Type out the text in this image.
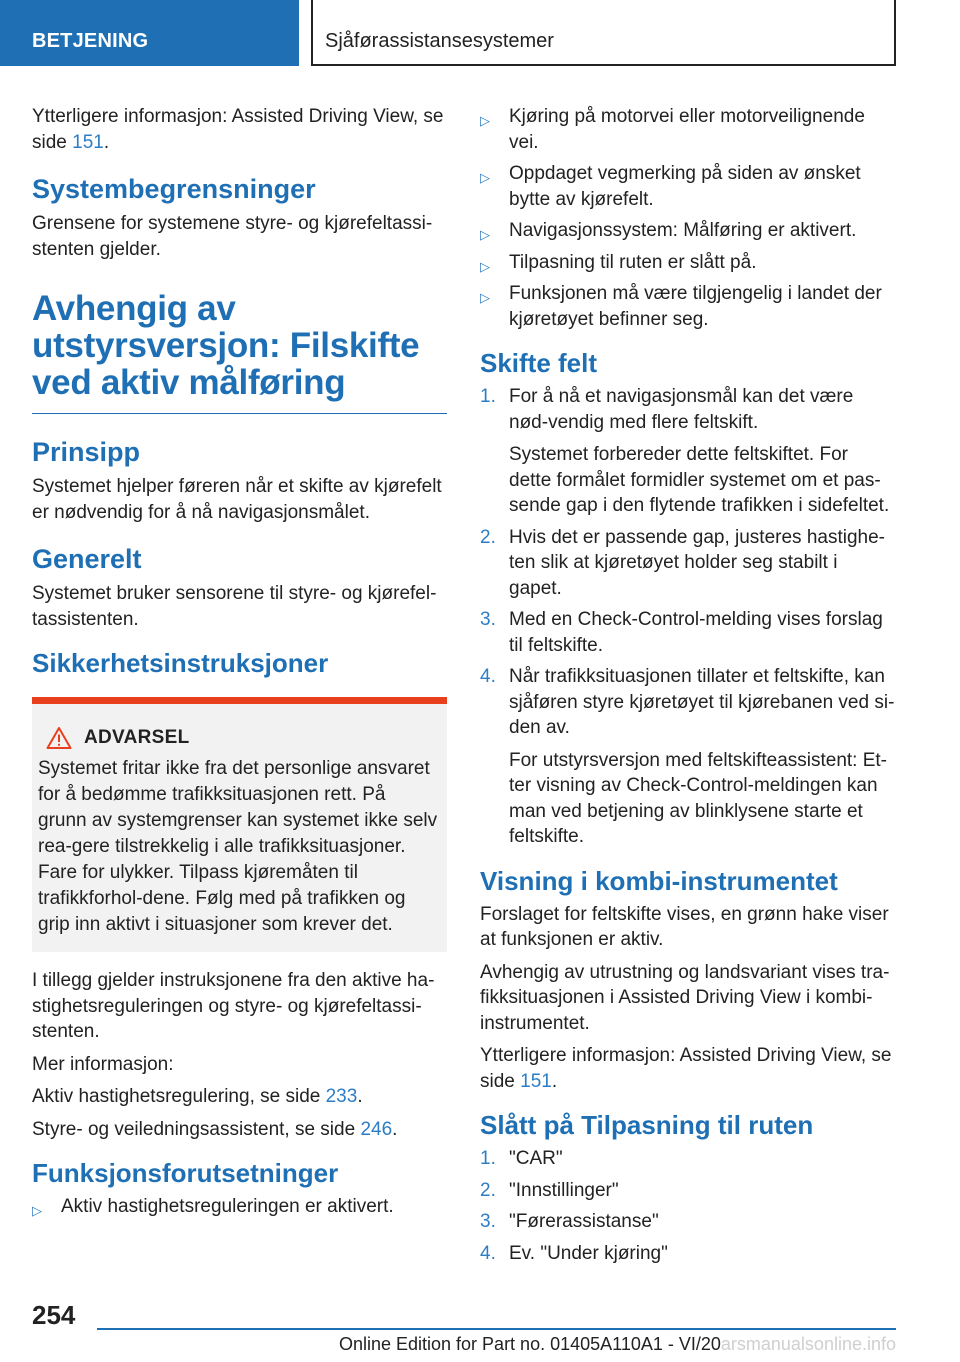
BETJENING	Sjåførassistansesystemer

Ytterligere informasjon: Assisted Driving View, se side 151.

Systembegrensninger

Grensene for systemene styre- og kjørefeltassi-stenten gjelder.

Avhengig av utstyrsversjon: Filskifte ved aktiv målføring
Prinsipp

Systemet hjelper føreren når et skifte av kjørefelt er nødvendig for å nå navigasjonsmålet.

Generelt

Systemet bruker sensorene til styre- og kjørefel-tassistenten.

Sikkerhetsinstruksjoner
ADVARSEL

Systemet fritar ikke fra det personlige ansvaret for å bedømme trafikksituasjonen rett. På grunn av systemgrenser kan systemet ikke selv rea-gere tilstrekkelig i alle trafikksituasjoner. Fare for ulykker. Tilpass kjøremåten til trafikkforhol-dene. Følg med på trafikken og grip inn aktivt i situasjoner som krever det.

I tillegg gjelder instruksjonene fra den aktive ha-stighetsreguleringen og styre- og kjørefeltassi-stenten.

Mer informasjon:

Aktiv hastighetsregulering, se side 233.

Styre- og veiledningsassistent, se side 246.

Funksjonsforutsetninger
▷ Aktiv hastighetsreguleringen er aktivert.
▷ Kjøring på motorvei eller motorveilignende vei.
▷ Oppdaget vegmerking på siden av ønsket bytte av kjørefelt.
▷ Navigasjonssystem: Målføring er aktivert.
▷ Tilpasning til ruten er slått på.
▷ Funksjonen må være tilgjengelig i landet der kjøretøyet befinner seg.
Skifte felt
1. For å nå et navigasjonsmål kan det være nød-vendig med flere feltskift.
Systemet forbereder dette feltskiftet. For dette formålet formidler systemet om et pas-sende gap i den flytende trafikken i sidefeltet.
2. Hvis det er passende gap, justeres hastighe-ten slik at kjøretøyet holder seg stabilt i gapet.
3. Med en Check-Control-melding vises forslag til feltskifte.
4. Når trafikksituasjonen tillater et feltskifte, kan sjåføren styre kjøretøyet til kjørebanen ved si-den av.
For utstyrsversjon med feltskifteassistent: Et-ter visning av Check-Control-meldingen kan man ved betjening av blinklysene starte et feltskifte.
Visning i kombi-instrumentet

Forslaget for feltskifte vises, en grønn hake viser at funksjonen er aktiv.

Avhengig av utrustning og landsvariant vises tra-fikksituasjonen i Assisted Driving View i kombi-instrumentet.

Ytterligere informasjon: Assisted Driving View, se side 151.

Slått på Tilpasning til ruten
1. "CAR"
2. "Innstillinger"
3. "Førerassistanse"
4. Ev. "Under kjøring"
254
Online Edition for Part no. 01405A110A1 - VI/20arsmanualsonline.info
